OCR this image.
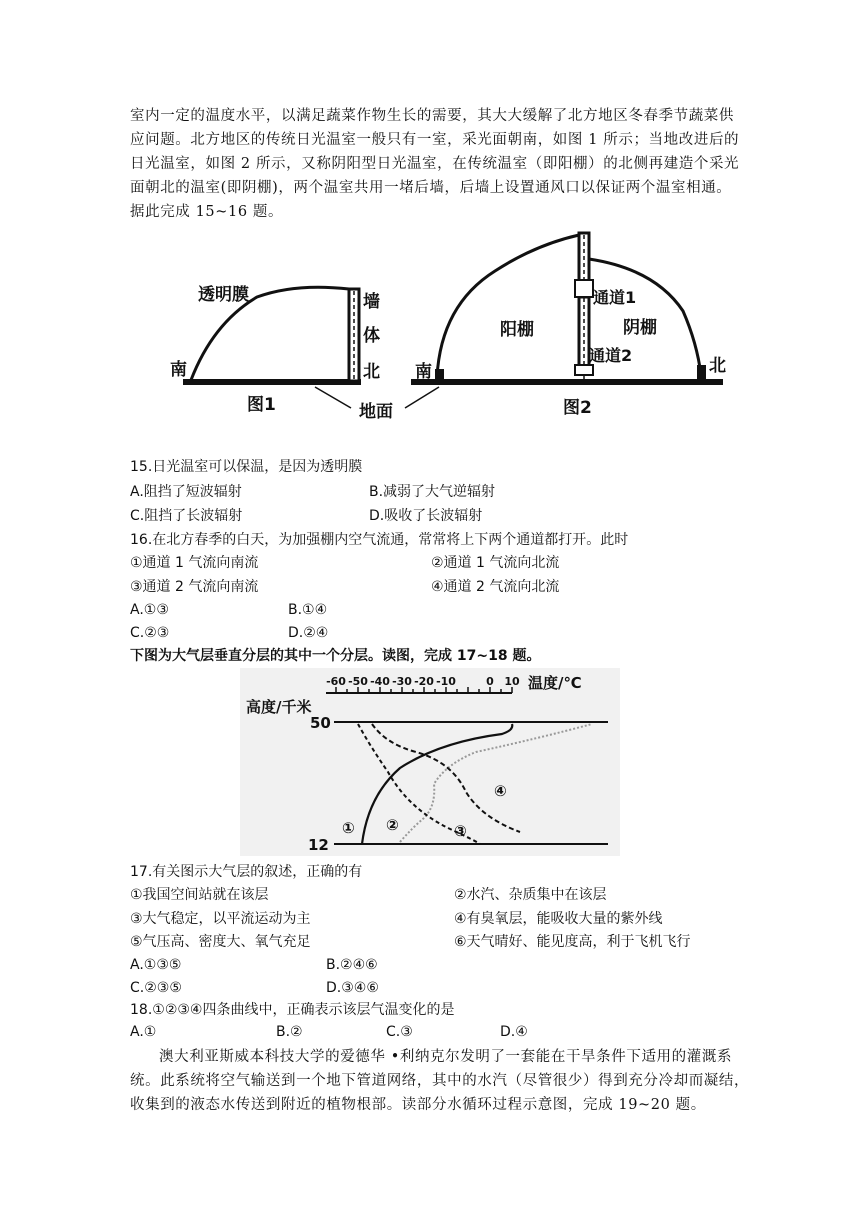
室内一定的温度水平，以满足蔬菜作物生长的需要，其大大缓解了北方地区冬春季节蔬菜供
应问题。北方地区的传统日光温室一般只有一室，采光面朝南，如图 1 所示；当地改进后的
日光温室，如图 2 所示，又称阴阳型日光温室，在传统温室（即阳棚）的北侧再建造个采光
面朝北的温室(即阴棚)，两个温室共用一堵后墙，后墙上设置通风口以保证两个温室相通。
据此完成 15~16 题。
透明膜	墙
体
北
南
图1	地面
阳棚	阴棚
通道1
通道2
南	北
图2
15.日光温室可以保温，是因为透明膜
A.阻挡了短波辐射	B.减弱了大气逆辐射
C.阻挡了长波辐射	D.吸收了长波辐射
16.在北方春季的白天，为加强棚内空气流通，常常将上下两个通道都打开。此时
①通道 1 气流向南流	②通道 1 气流向北流
③通道 2 气流向南流	④通道 2 气流向北流
A.①③	B.①④
C.②③	D.②④
下图为大气层垂直分层的其中一个分层。读图，完成 17~18 题。
-60 -50 -40 -30 -20 -10	0 10 温度/℃
高度/千米
50
12
① ②	③
④
17.有关图示大气层的叙述，正确的有
①我国空间站就在该层	②水汽、杂质集中在该层
③大气稳定，以平流运动为主	④有臭氧层，能吸收大量的紫外线
⑤气压高、密度大、氧气充足	⑥天气晴好、能见度高，利于飞机飞行
A.①③⑤	B.②④⑥
C.②③⑤	D.③④⑥
18.①②③④四条曲线中，正确表示该层气温变化的是
A.①	B.②	C.③	D.④
澳大利亚斯威本科技大学的爱德华 •利纳克尔发明了一套能在干旱条件下适用的灌溉系
统。此系统将空气输送到一个地下管道网络，其中的水汽（尽管很少）得到充分冷却而凝结，
收集到的液态水传送到附近的植物根部。读部分水循环过程示意图，完成 19~20 题。
